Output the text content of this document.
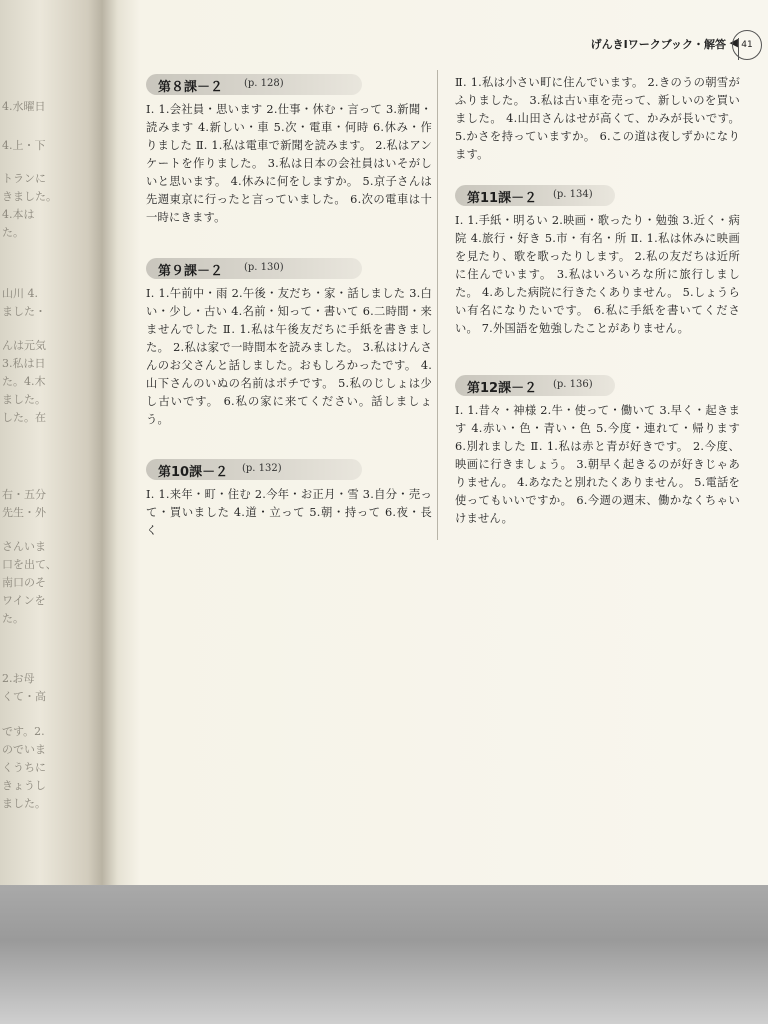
4.水曜日
4.上・下
トランに
きました。
4.本は
た。
山川 4.
ました・
んは元気
3.私は日
た。4.木
ました。
した。在
右・五分
先生・外
さんいま
口を出て、
南口のそ
ワインを
た。
2.お母
くて・高
です。2.
のでいま
くうちに
きょうし
ました。
げんきⅠワークブック・解答 ◀ 41
第８課－２ (p. 128)
Ⅰ. 1.会社員・思います 2.仕事・休む・言って 3.新聞・読みます 4.新しい・車 5.次・電車・何時 6.休み・作りました Ⅱ. 1.私は電車で新聞を読みます。 2.私はアンケートを作りました。 3.私は日本の会社員はいそがしいと思います。 4.休みに何をしますか。 5.京子さんは先週東京に行ったと言っていました。 6.次の電車は十一時にきます。
第９課－２ (p. 130)
Ⅰ. 1.午前中・雨 2.午後・友だち・家・話しました 3.白い・少し・古い 4.名前・知って・書いて 6.二時間・来ませんでした Ⅱ. 1.私は午後友だちに手紙を書きました。 2.私は家で一時間本を読みました。 3.私はけんさんのお父さんと話しました。おもしろかったです。 4.山下さんのいぬの名前はポチです。 5.私のじしょは少し古いです。 6.私の家に来てください。話しましょう。
第10課－２ (p. 132)
Ⅰ. 1.来年・町・住む 2.今年・お正月・雪 3.自分・売って・買いました 4.道・立って 5.朝・持って 6.夜・長く
Ⅱ. 1.私は小さい町に住んでいます。 2.きのうの朝雪がふりました。 3.私は古い車を売って、新しいのを買いました。 4.山田さんはせが高くて、かみが長いです。 5.かさを持っていますか。 6.この道は夜しずかになります。
第11課－２ (p. 134)
Ⅰ. 1.手紙・明るい 2.映画・歌ったり・勉強 3.近く・病院 4.旅行・好き 5.市・有名・所 Ⅱ. 1.私は休みに映画を見たり、歌を歌ったりします。 2.私の友だちは近所に住んでいます。 3.私はいろいろな所に旅行しました。 4.あした病院に行きたくありません。 5.しょうらい有名になりたいです。 6.私に手紙を書いてください。 7.外国語を勉強したことがありません。
第12課－２ (p. 136)
Ⅰ. 1.昔々・神様 2.牛・使って・働いて 3.早く・起きます 4.赤い・色・青い・色 5.今度・連れて・帰ります 6.別れました Ⅱ. 1.私は赤と青が好きです。 2.今度、映画に行きましょう。 3.朝早く起きるのが好きじゃありません。 4.あなたと別れたくありません。 5.電話を使ってもいいですか。 6.今週の週末、働かなくちゃいけません。
